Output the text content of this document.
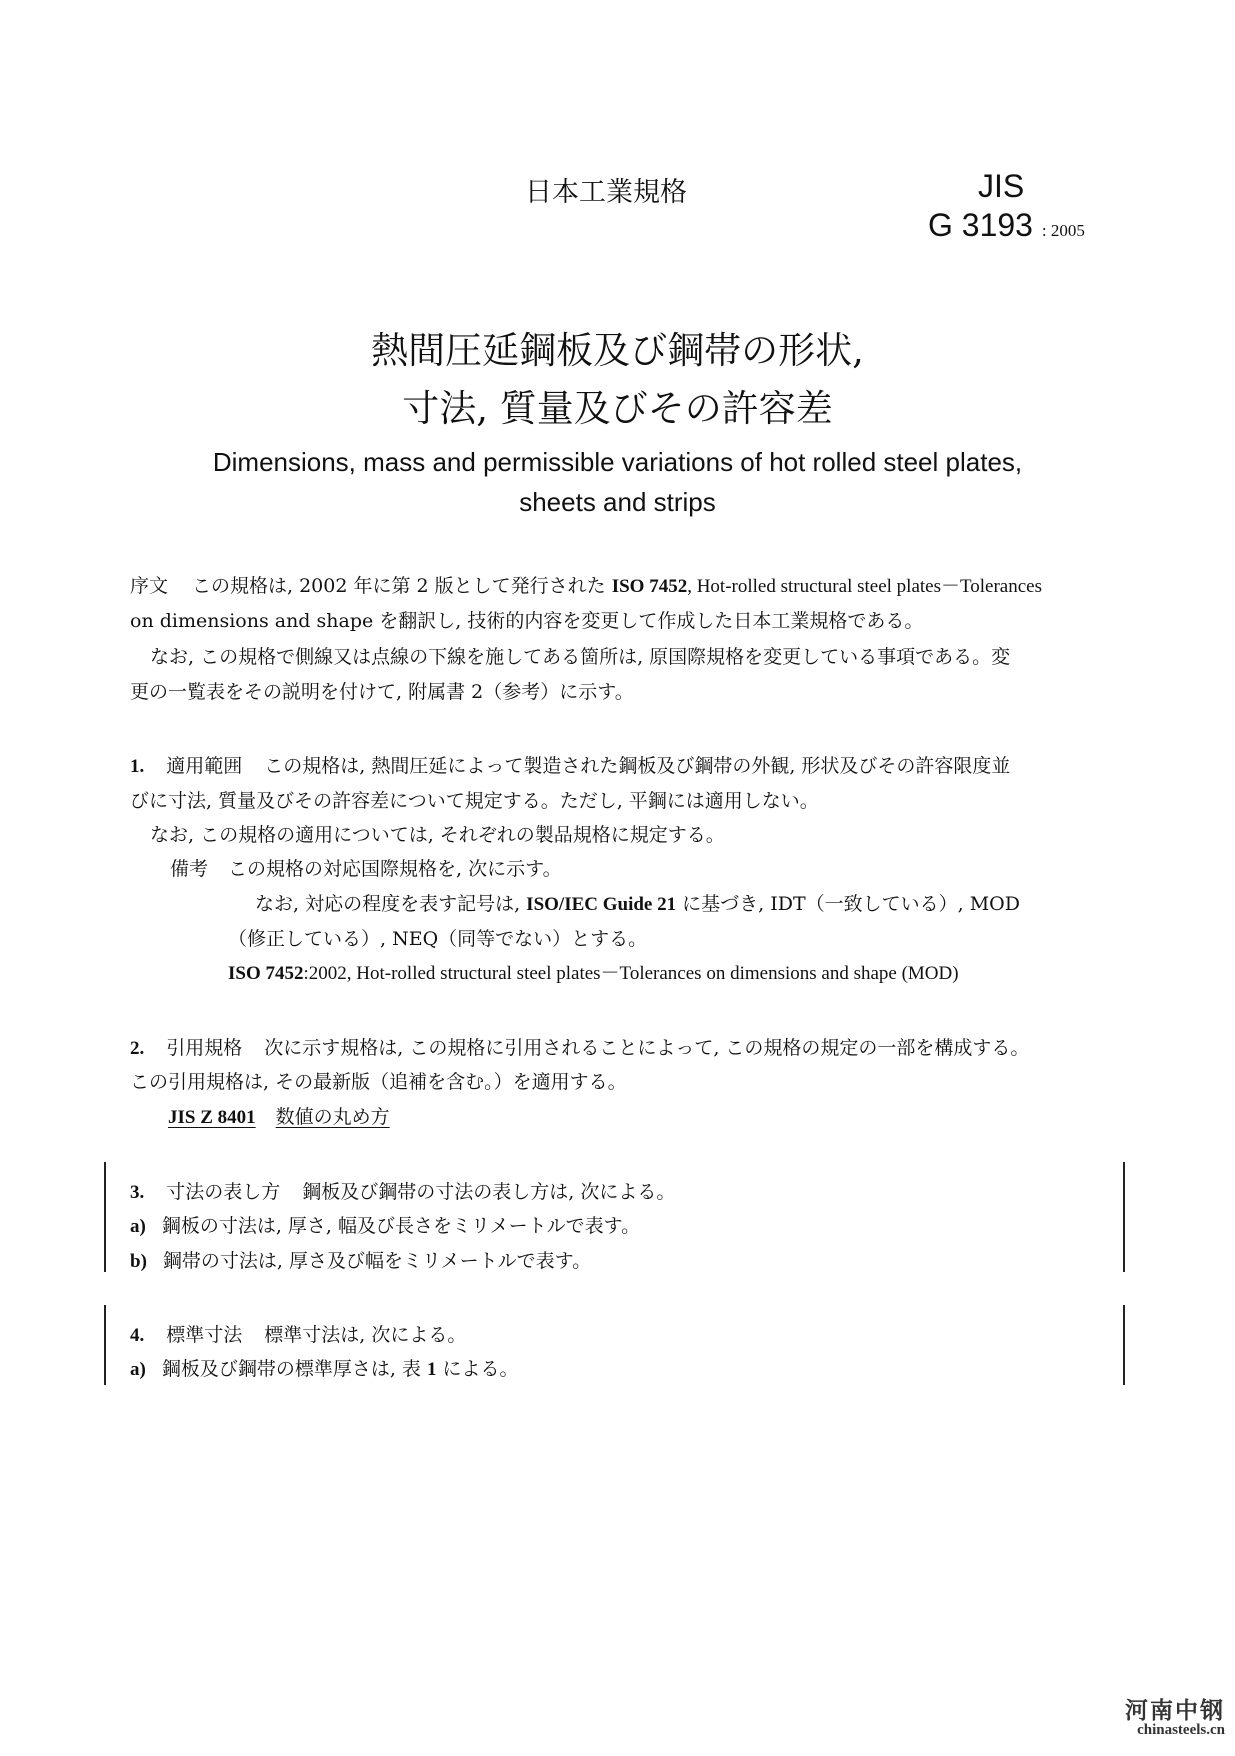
日本工業規格	JIS
G 3193 : 2005
熱間圧延鋼板及び鋼帯の形状,
寸法, 質量及びその許容差
Dimensions, mass and permissible variations of hot rolled steel plates,
sheets and strips
序文 この規格は, 2002 年に第 2 版として発行された ISO 7452, Hot-rolled structural steel plates－Tolerances
on dimensions and shape を翻訳し, 技術的内容を変更して作成した日本工業規格である。
なお, この規格で側線又は点線の下線を施してある箇所は, 原国際規格を変更している事項である。変
更の一覧表をその説明を付けて, 附属書 2（参考）に示す。
1. 適用範囲 この規格は, 熱間圧延によって製造された鋼板及び鋼帯の外観, 形状及びその許容限度並
びに寸法, 質量及びその許容差について規定する。ただし, 平鋼には適用しない。
なお, この規格の適用については, それぞれの製品規格に規定する。
備考 この規格の対応国際規格を, 次に示す。
なお, 対応の程度を表す記号は, ISO/IEC Guide 21 に基づき, IDT（一致している）, MOD
（修正している）, NEQ（同等でない）とする。
ISO 7452:2002, Hot-rolled structural steel plates－Tolerances on dimensions and shape (MOD)
2. 引用規格 次に示す規格は, この規格に引用されることによって, この規格の規定の一部を構成する。
この引用規格は, その最新版（追補を含む。）を適用する。
JIS Z 8401 数値の丸め方
3. 寸法の表し方 鋼板及び鋼帯の寸法の表し方は, 次による。
a) 鋼板の寸法は, 厚さ, 幅及び長さをミリメートルで表す。
b) 鋼帯の寸法は, 厚さ及び幅をミリメートルで表す。
4. 標準寸法 標準寸法は, 次による。
a) 鋼板及び鋼帯の標準厚さは, 表 1 による。
河南中钢
chinasteels.cn
